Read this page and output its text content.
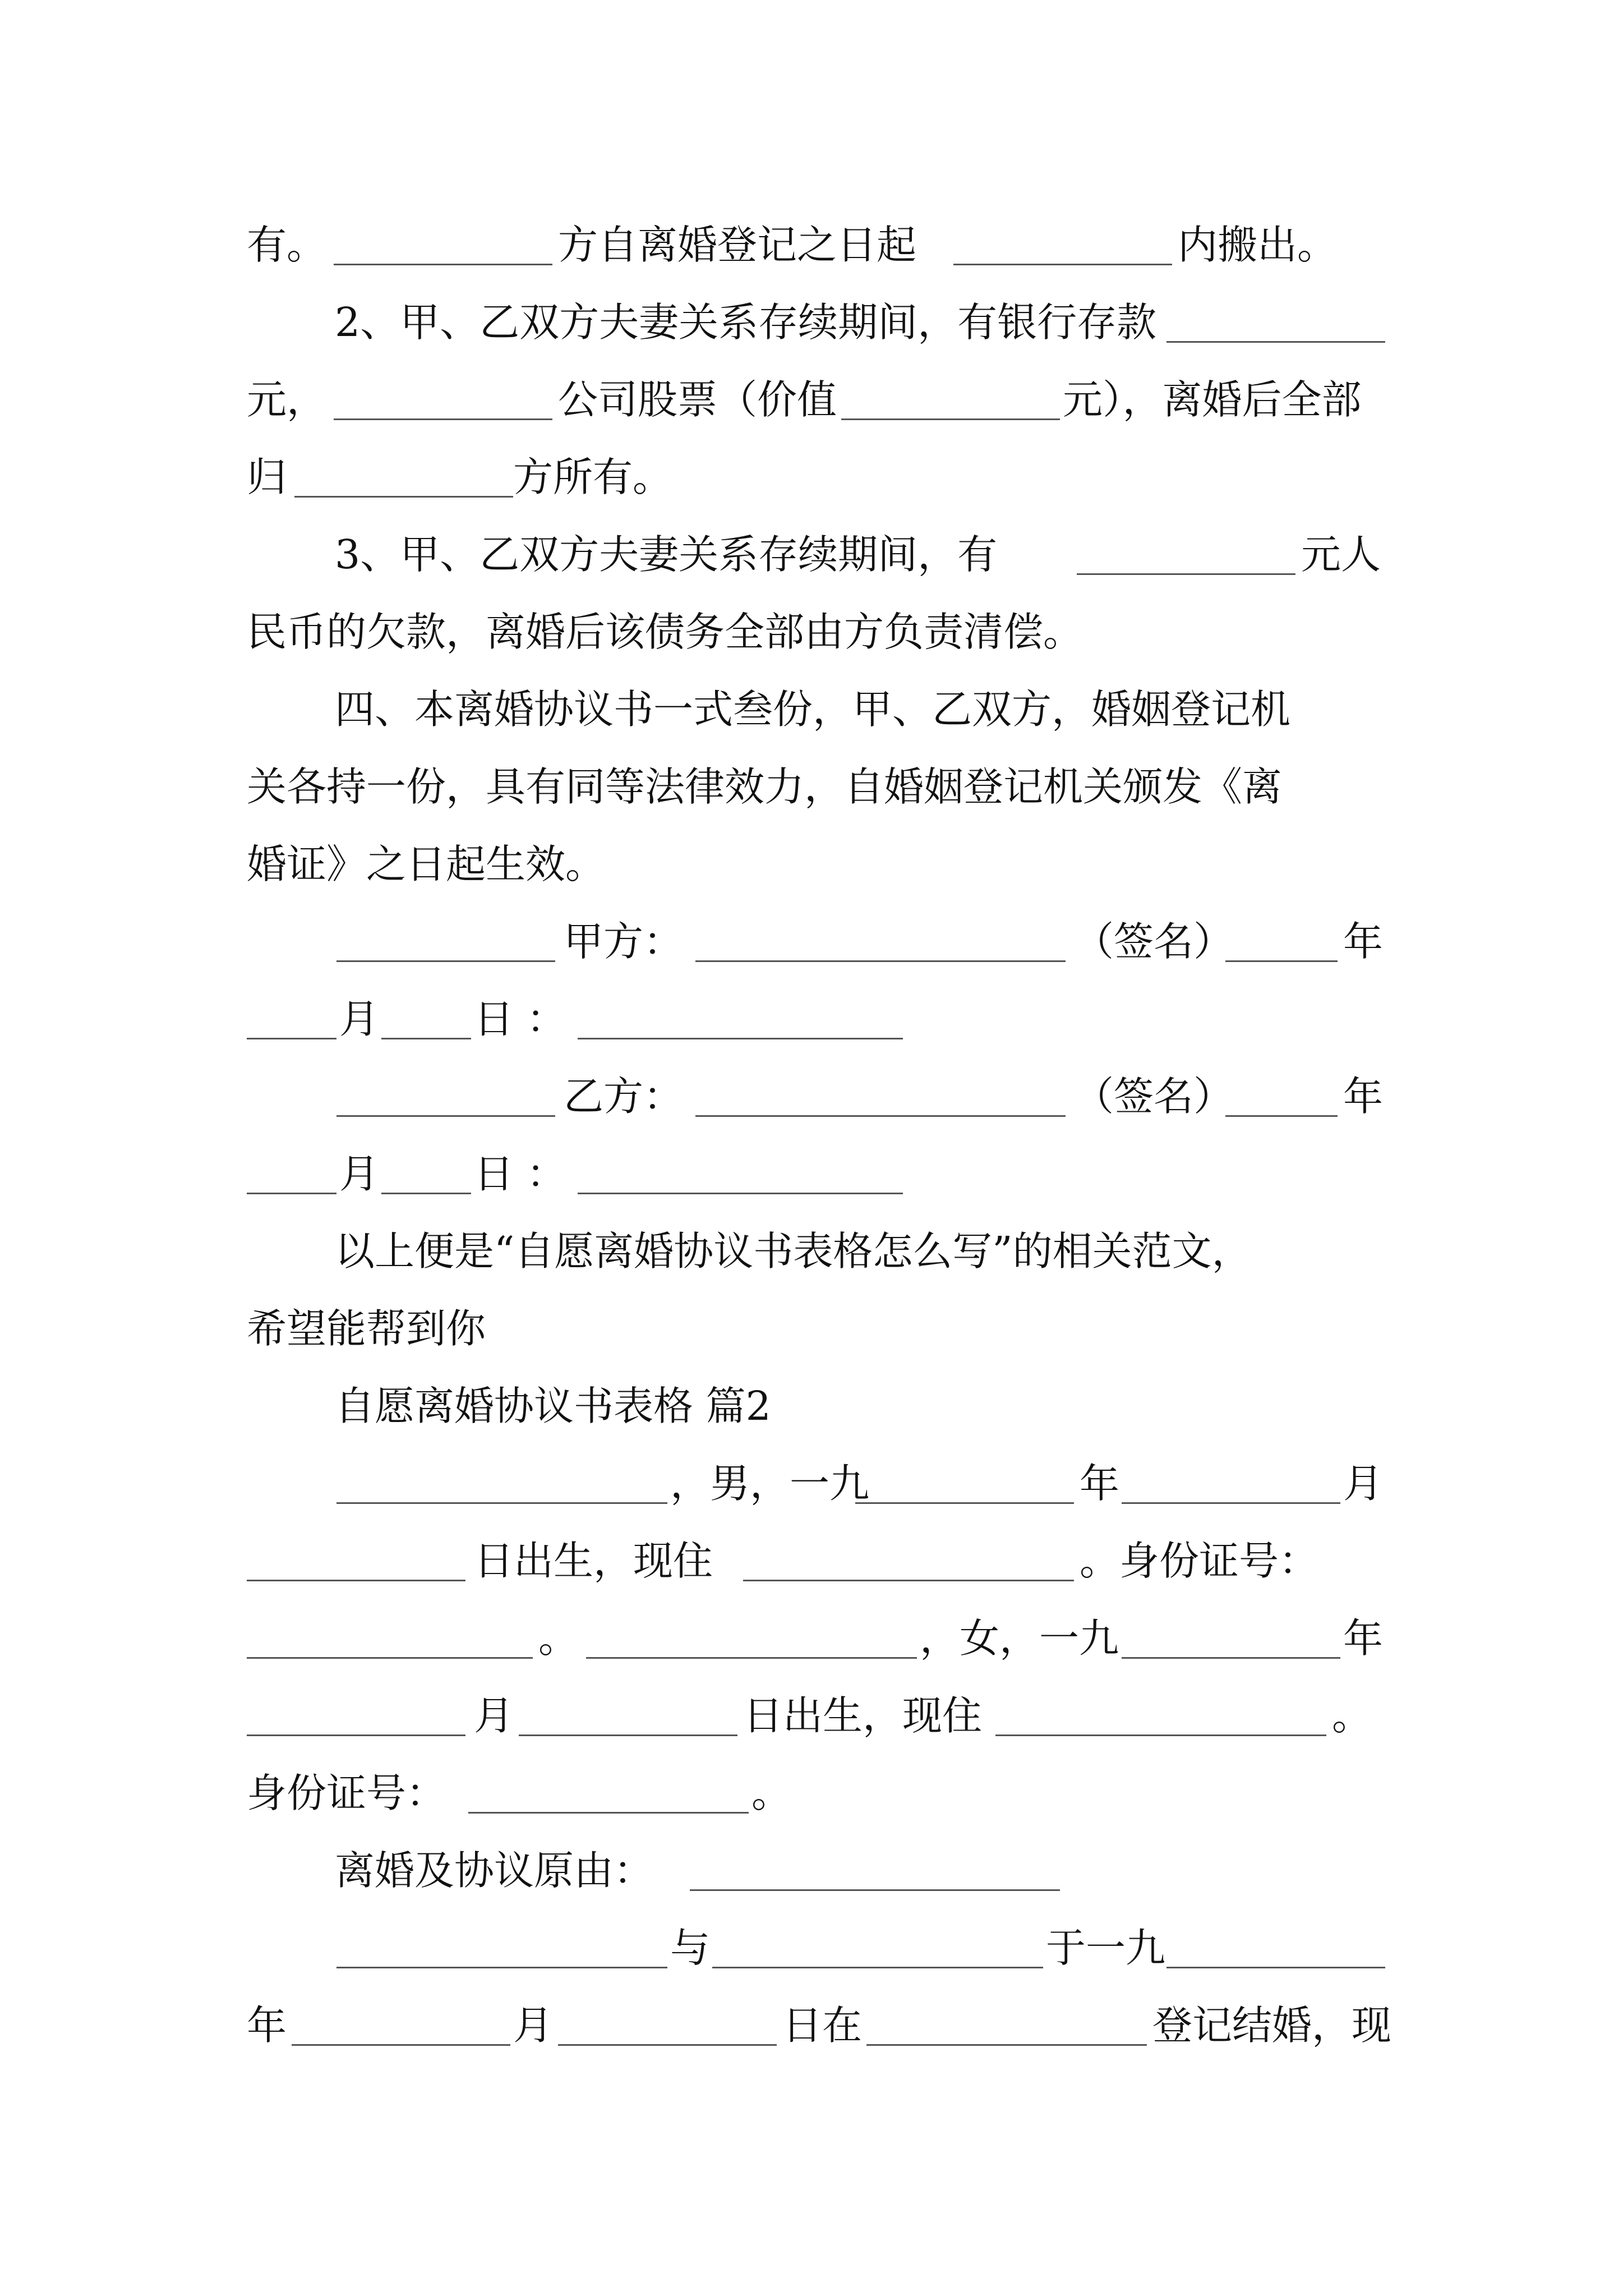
有。	方自离婚登记之日起	内搬出。
2、甲、乙双方夫妻关系存续期间，有银行存款
元，	公司股票（价值	元），离婚后全部
归	方所有。
3、甲、乙双方夫妻关系存续期间，有	元人
民币的欠款，离婚后该债务全部由方负责清偿。
四、本离婚协议书一式叁份，甲、乙双方，婚姻登记机
关各持一份，具有同等法律效力，自婚姻登记机关颁发《离
婚证》之日起生效。
甲方：	（签名）	年
月 日 ：
乙方：	（签名）	年
月 日 ：
以上便是“自愿离婚协议书表格怎么写”的相关范文，
希望能帮到你
自愿离婚协议书表格 篇2
，男，一九	年	月
日出生，现住	。身份证号：
。	，女，一九	年
月	日出生，现住	。
身份证号：	。
离婚及协议原由：
与	于一九
年	月	日在	登记结婚，现
